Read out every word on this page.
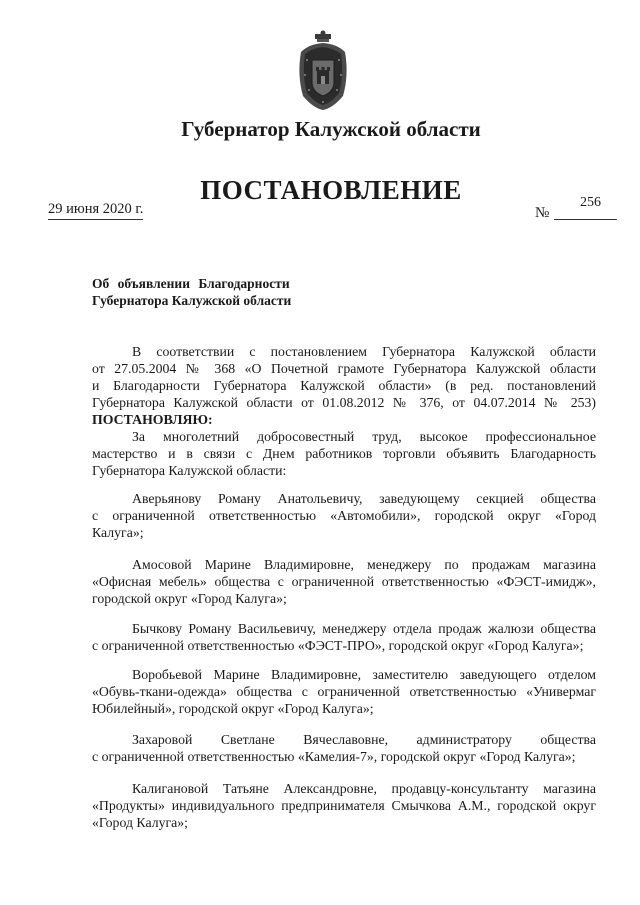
Губернатор Калужской области
ПОСТАНОВЛЕНИЕ
29 июня 2020 г.	№
256
Об объявлении Благодарности
Губернатора Калужской области
В соответствии с постановлением Губернатора Калужской области
от 27.05.2004 № 368 «О Почетной грамоте Губернатора Калужской области
и Благодарности Губернатора Калужской области» (в ред. постановлений
Губернатора Калужской области от 01.08.2012 № 376, от 04.07.2014 № 253)
ПОСТАНОВЛЯЮ:
За многолетний добросовестный труд, высокое профессиональное
мастерство и в связи с Днем работников торговли объявить Благодарность
Губернатора Калужской области:
Аверьянову Роману Анатольевичу, заведующему секцией общества
с ограниченной ответственностью «Автомобили», городской округ «Город
Калуга»;
Амосовой Марине Владимировне, менеджеру по продажам магазина
«Офисная мебель» общества с ограниченной ответственностью «ФЭСТ-имидж»,
городской округ «Город Калуга»;
Бычкову Роману Васильевичу, менеджеру отдела продаж жалюзи общества
с ограниченной ответственностью «ФЭСТ-ПРО», городской округ «Город Калуга»;
Воробьевой Марине Владимировне, заместителю заведующего отделом
«Обувь-ткани-одежда» общества с ограниченной ответственностью «Универмаг
Юбилейный», городской округ «Город Калуга»;
Захаровой Светлане Вячеславовне, администратору общества
с ограниченной ответственностью «Камелия-7», городской округ «Город Калуга»;
Калигановой Татьяне Александровне, продавцу-консультанту магазина
«Продукты» индивидуального предпринимателя Смычкова А.М., городской округ
«Город Калуга»;
